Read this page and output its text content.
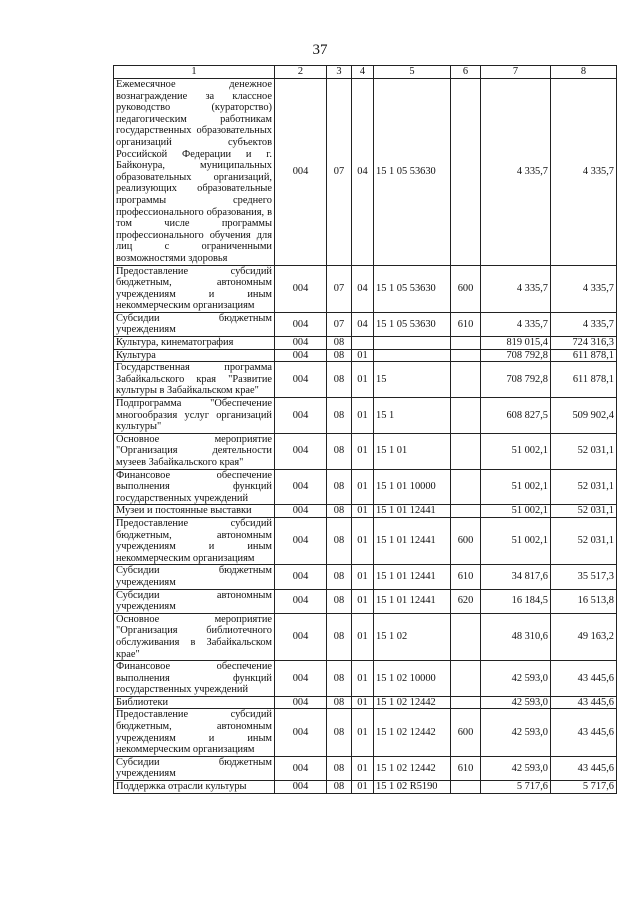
37
1	2	3	4	5	6	7	8
Ежемесячное денежное вознаграждение за классное руководство (кураторство) педагогическим работникам государственных образовательных организаций субъектов Российской Федерации и г. Байконура, муниципальных образовательных организаций, реализующих образовательные программы среднего профессионального образования, в том числе программы профессионального обучения для лиц с ограниченными возможностями здоровья	004	07	04	15 1 05 53630		4 335,7	4 335,7
Предоставление субсидий бюджетным, автономным учреждениям и иным некоммерческим организациям	004	07	04	15 1 05 53630	600	4 335,7	4 335,7
Субсидии бюджетным учреждениям	004	07	04	15 1 05 53630	610	4 335,7	4 335,7
Культура, кинематография	004	08				819 015,4	724 316,3
Культура	004	08	01			708 792,8	611 878,1
Государственная программа Забайкальского края "Развитие культуры в Забайкальском крае"	004	08	01	15		708 792,8	611 878,1
Подпрограмма "Обеспечение многообразия услуг организаций культуры"	004	08	01	15 1		608 827,5	509 902,4
Основное мероприятие "Организация деятельности музеев Забайкальского края"	004	08	01	15 1 01		51 002,1	52 031,1
Финансовое обеспечение выполнения функций государственных учреждений	004	08	01	15 1 01 10000		51 002,1	52 031,1
Музеи и постоянные выставки	004	08	01	15 1 01 12441		51 002,1	52 031,1
Предоставление субсидий бюджетным, автономным учреждениям и иным некоммерческим организациям	004	08	01	15 1 01 12441	600	51 002,1	52 031,1
Субсидии бюджетным учреждениям	004	08	01	15 1 01 12441	610	34 817,6	35 517,3
Субсидии автономным учреждениям	004	08	01	15 1 01 12441	620	16 184,5	16 513,8
Основное мероприятие "Организация библиотечного обслуживания в Забайкальском крае"	004	08	01	15 1 02		48 310,6	49 163,2
Финансовое обеспечение выполнения функций государственных учреждений	004	08	01	15 1 02 10000		42 593,0	43 445,6
Библиотеки	004	08	01	15 1 02 12442		42 593,0	43 445,6
Предоставление субсидий бюджетным, автономным учреждениям и иным некоммерческим организациям	004	08	01	15 1 02 12442	600	42 593,0	43 445,6
Субсидии бюджетным учреждениям	004	08	01	15 1 02 12442	610	42 593,0	43 445,6
Поддержка отрасли культуры	004	08	01	15 1 02 R5190		5 717,6	5 717,6
